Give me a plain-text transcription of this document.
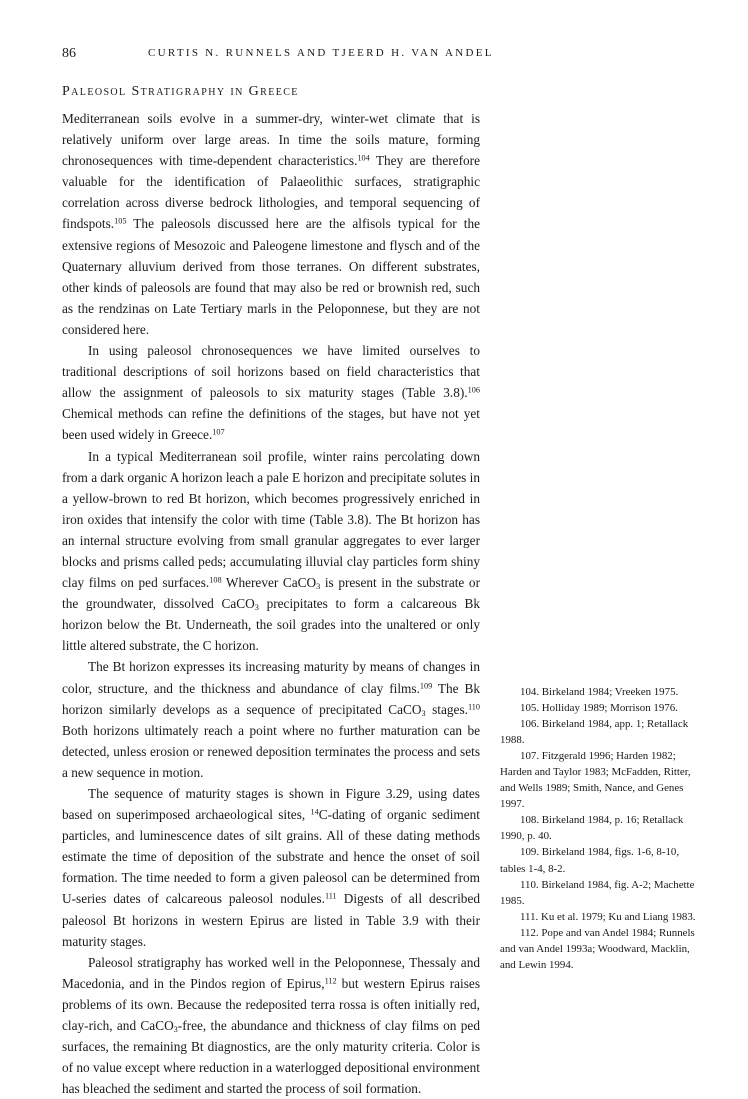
86	CURTIS N. RUNNELS AND TJEERD H. VAN ANDEL
Paleosol Stratigraphy in Greece

Mediterranean soils evolve in a summer-dry, winter-wet climate that is relatively uniform over large areas. In time the soils mature, forming chronosequences with time-dependent characteristics.$^{104}$ They are therefore valuable for the identification of Palaeolithic surfaces, stratigraphic correlation across diverse bedrock lithologies, and temporal sequencing of findspots.$^{105}$ The paleosols discussed here are the alfisols typical for the extensive regions of Mesozoic and Paleogene limestone and flysch and of the Quaternary alluvium derived from those terranes. On different substrates, other kinds of paleosols are found that may also be red or brownish red, such as the rendzinas on Late Tertiary marls in the Peloponnese, but they are not considered here.

In using paleosol chronosequences we have limited ourselves to traditional descriptions of soil horizons based on field characteristics that allow the assignment of paleosols to six maturity stages (Table 3.8).$^{106}$ Chemical methods can refine the definitions of the stages, but have not yet been used widely in Greece.$^{107}$

In a typical Mediterranean soil profile, winter rains percolating down from a dark organic A horizon leach a pale E horizon and precipitate solutes in a yellow-brown to red Bt horizon, which becomes progressively enriched in iron oxides that intensify the color with time (Table 3.8). The Bt horizon has an internal structure evolving from small granular aggregates to ever larger blocks and prisms called peds; accumulating illuvial clay particles form shiny clay films on ped surfaces.$^{108}$ Wherever CaCO$_3$ is present in the substrate or the groundwater, dissolved CaCO$_3$ precipitates to form a calcareous Bk horizon below the Bt. Underneath, the soil grades into the unaltered or only little altered substrate, the C horizon.

The Bt horizon expresses its increasing maturity by means of changes in color, structure, and the thickness and abundance of clay films.$^{109}$ The Bk horizon similarly develops as a sequence of precipitated CaCO$_3$ stages.$^{110}$ Both horizons ultimately reach a point where no further maturation can be detected, unless erosion or renewed deposition terminates the process and sets a new sequence in motion.

The sequence of maturity stages is shown in Figure 3.29, using dates based on superimposed archaeological sites, $^{14}$C-dating of organic sediment particles, and luminescence dates of silt grains. All of these dating methods estimate the time of deposition of the substrate and hence the onset of soil formation. The time needed to form a given paleosol can be determined from U-series dates of calcareous paleosol nodules.$^{111}$ Digests of all described paleosol Bt horizons in western Epirus are listed in Table 3.9 with their maturity stages.

Paleosol stratigraphy has worked well in the Peloponnese, Thessaly and Macedonia, and in the Pindos region of Epirus,$^{112}$ but western Epirus raises problems of its own. Because the redeposited terra rossa is often initially red, clay-rich, and CaCO$_3$-free, the abundance and thickness of clay films on ped surfaces, the remaining Bt diagnostics, are the only maturity criteria. Color is of no value except where reduction in a waterlogged depositional environment has bleached the sediment and started the process of soil formation.

104. Birkeland 1984; Vreeken 1975.
105. Holliday 1989; Morrison 1976.
106. Birkeland 1984, app. 1; Retallack 1988.
107. Fitzgerald 1996; Harden 1982; Harden and Taylor 1983; McFadden, Ritter, and Wells 1989; Smith, Nance, and Genes 1997.
108. Birkeland 1984, p. 16; Retallack 1990, p. 40.
109. Birkeland 1984, figs. 1-6, 8-10, tables 1-4, 8-2.
110. Birkeland 1984, fig. A-2; Machette 1985.
111. Ku et al. 1979; Ku and Liang 1983.
112. Pope and van Andel 1984; Runnels and van Andel 1993a; Woodward, Macklin, and Lewin 1994.
